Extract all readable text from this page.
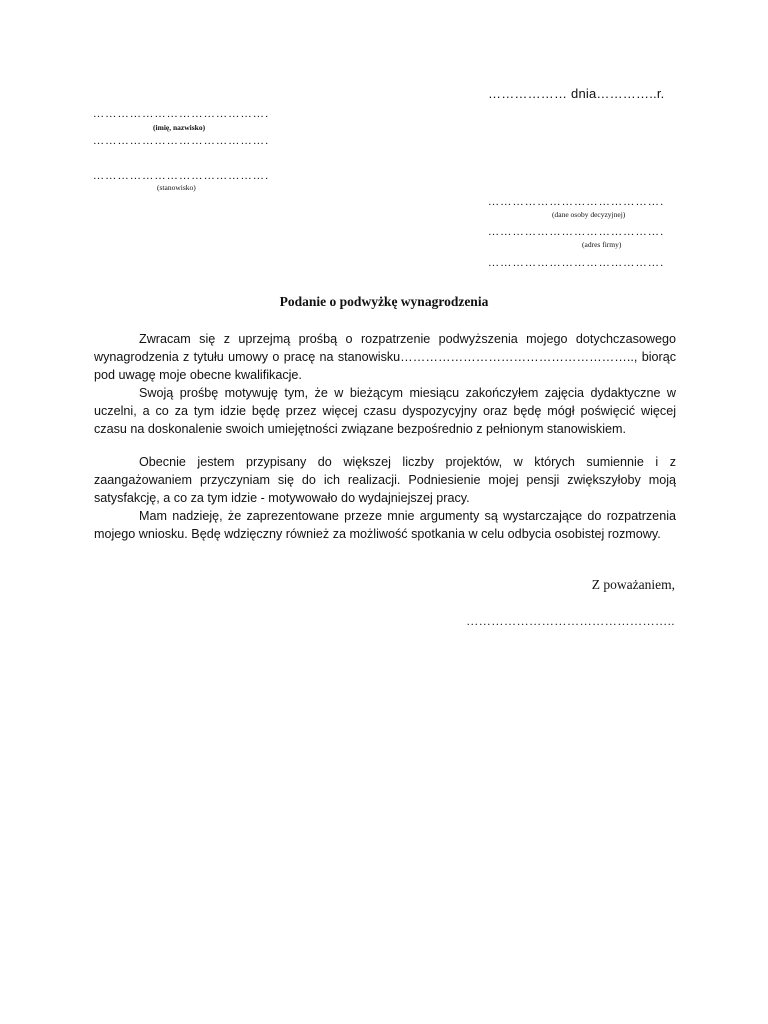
……………… dnia…………..r.
…………………………………….
(imię, nazwisko)
…………………………………….
…………………………………….
(stanowisko)
…………………………………….
(dane osoby decyzyjnej)
…………………………………….
(adres firmy)
…………………………………….
Podanie o podwyżkę wynagrodzenia

Zwracam się z uprzejmą prośbą o rozpatrzenie podwyższenia mojego dotychczasowego wynagrodzenia z tytułu umowy o pracę na stanowisku……………………………………………….., biorąc pod uwagę moje obecne kwalifikacje.

Swoją prośbę motywuję tym, że w bieżącym miesiącu zakończyłem zajęcia dydaktyczne w uczelni, a co za tym idzie będę przez więcej czasu dyspozycyjny oraz będę mógł poświęcić więcej czasu na doskonalenie swoich umiejętności związane bezpośrednio z pełnionym stanowiskiem.

Obecnie jestem przypisany do większej liczby projektów, w których sumiennie i z zaangażowaniem przyczyniam się do ich realizacji. Podniesienie mojej pensji zwiększyłoby moją satysfakcję, a co za tym idzie - motywowało do wydajniejszej pracy.

Mam nadzieję, że zaprezentowane przeze mnie argumenty są wystarczające do rozpatrzenia mojego wniosku. Będę wdzięczny również za możliwość spotkania w celu odbycia osobistej rozmowy.

Z poważaniem,
…………………………………………..
